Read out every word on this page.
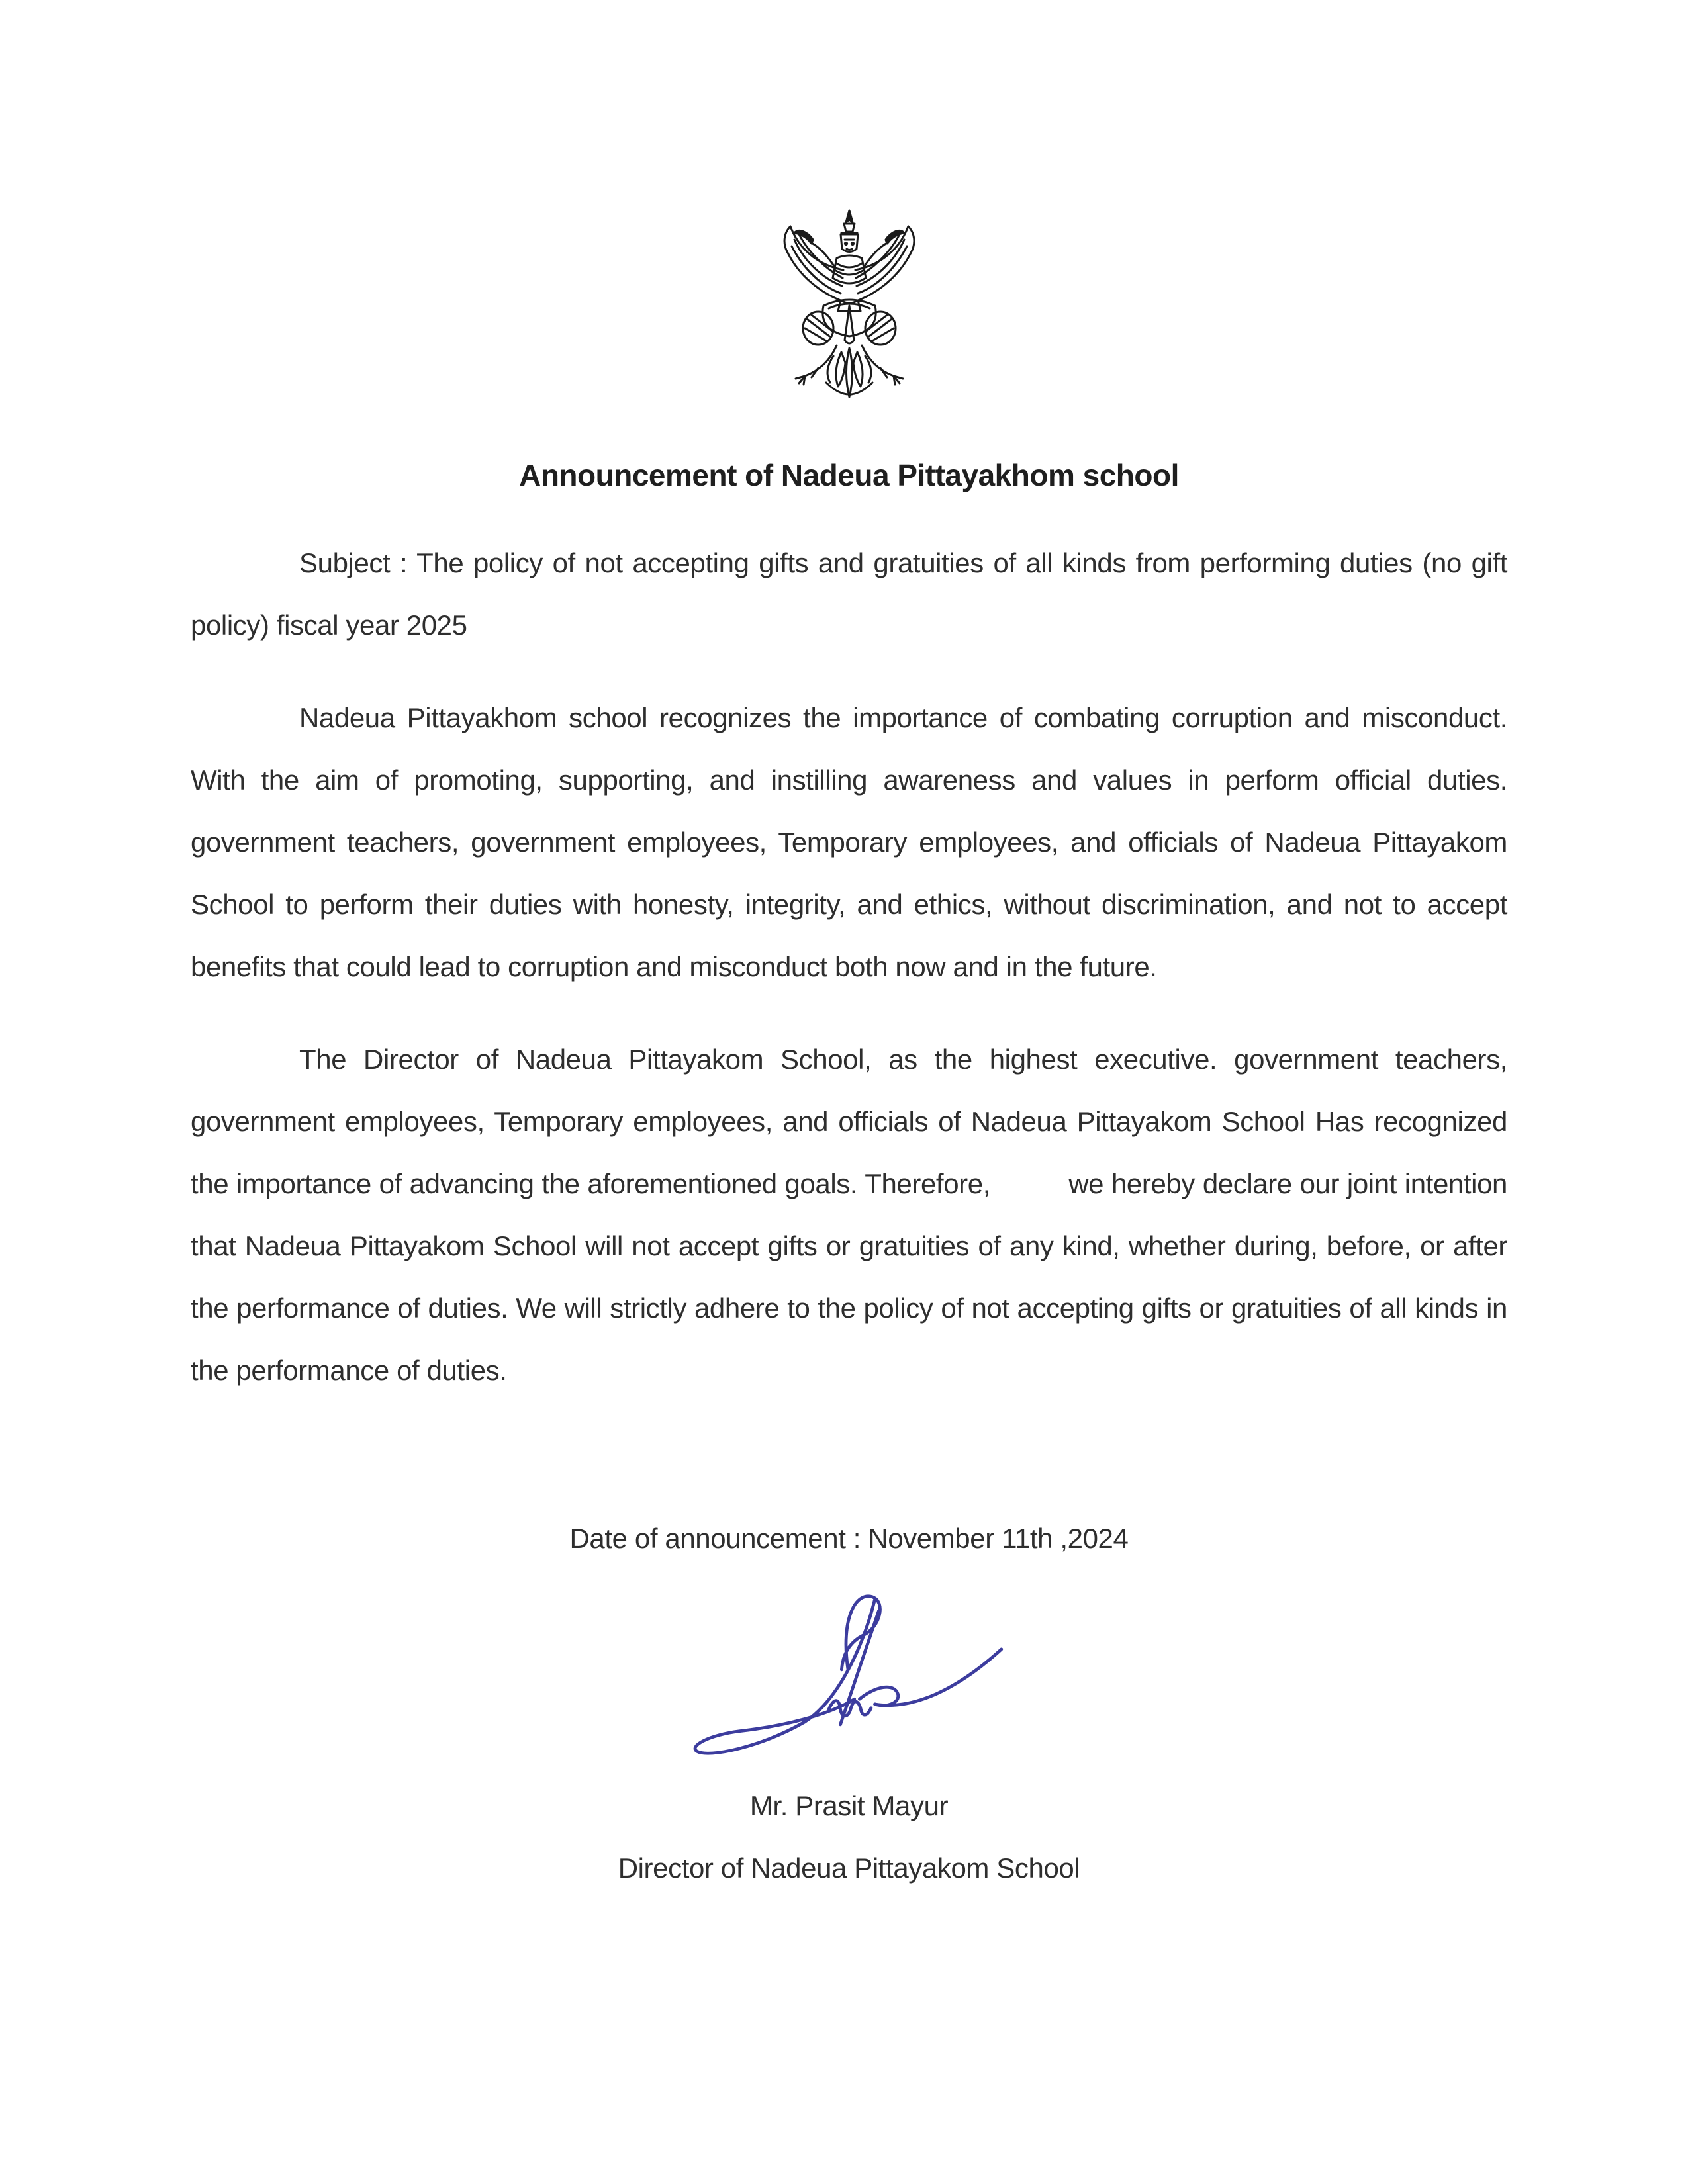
Announcement of Nadeua Pittayakhom school

Subject : The policy of not accepting gifts and gratuities of all kinds from performing duties (no gift policy) fiscal year 2025

Nadeua Pittayakhom school recognizes the importance of combating corruption and misconduct. With the aim of promoting, supporting, and instilling awareness and values in perform official duties. government teachers, government employees, Temporary employees, and officials of Nadeua Pittayakom School to perform their duties with honesty, integrity, and ethics, without discrimination, and not to accept benefits that could lead to corruption and misconduct both now and in the future.

The Director of Nadeua Pittayakom School, as the highest executive. government teachers, government employees, Temporary employees, and officials of Nadeua Pittayakom School Has recognized the importance of advancing the aforementioned goals. Therefore,          we hereby declare our joint intention that Nadeua Pittayakom School will not accept gifts or gratuities of any kind, whether during, before, or after the performance of duties. We will strictly adhere to the policy of not accepting gifts or gratuities of all kinds in the performance of duties.

Date of announcement : November 11th ,2024
Mr. Prasit Mayur
Director of Nadeua Pittayakom School
